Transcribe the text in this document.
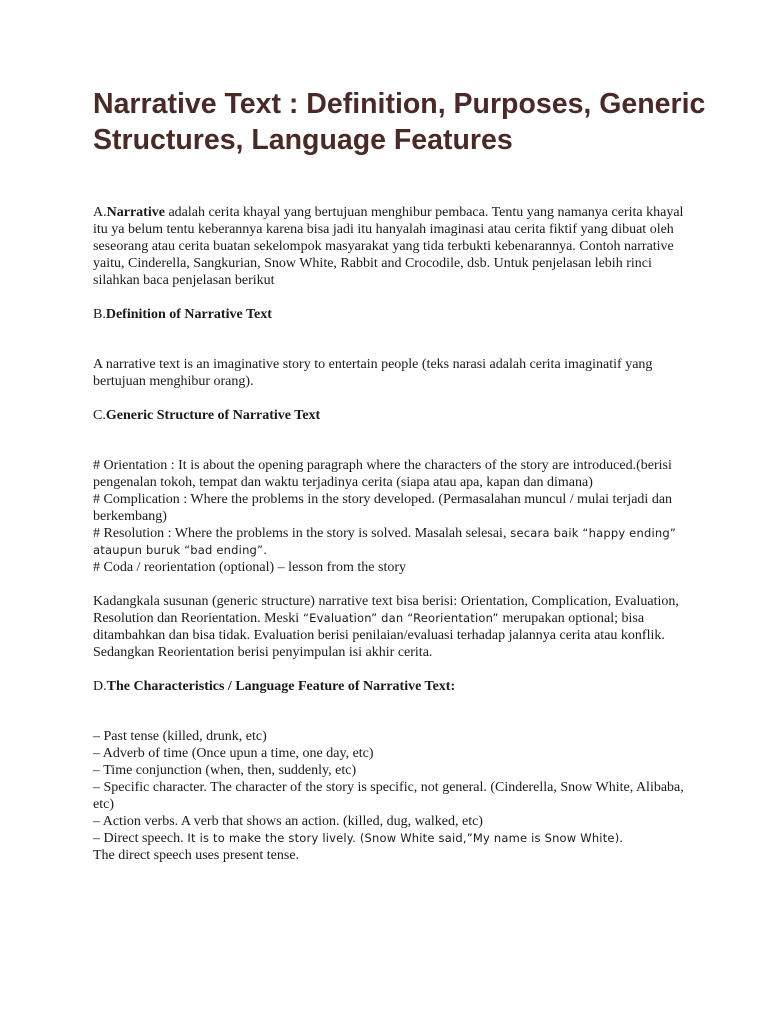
Narrative Text : Definition, Purposes, Generic Structures, Language Features

A.Narrative adalah cerita khayal yang bertujuan menghibur pembaca. Tentu yang namanya cerita khayal itu ya belum tentu keberannya karena bisa jadi itu hanyalah imaginasi atau cerita fiktif yang dibuat oleh seseorang atau cerita buatan sekelompok masyarakat yang tida terbukti kebenarannya. Contoh narrative yaitu, Cinderella, Sangkurian, Snow White, Rabbit and Crocodile, dsb. Untuk penjelasan lebih rinci silahkan baca penjelasan berikut

B.Definition of Narrative Text

A narrative text is an imaginative story to entertain people (teks narasi adalah cerita imaginatif yang bertujuan menghibur orang).

C.Generic Structure of Narrative Text

# Orientation : It is about the opening paragraph where the characters of the story are introduced.(berisi pengenalan tokoh, tempat dan waktu terjadinya cerita (siapa atau apa, kapan dan dimana)

# Complication : Where the problems in the story developed. (Permasalahan muncul / mulai terjadi dan berkembang)

# Resolution : Where the problems in the story is solved. Masalah selesai, secara baik “happy ending” ataupun buruk “bad ending”.

# Coda / reorientation (optional) – lesson from the story

Kadangkala susunan (generic structure) narrative text bisa berisi: Orientation, Complication, Evaluation, Resolution dan Reorientation. Meski “Evaluation” dan “Reorientation” merupakan optional; bisa ditambahkan dan bisa tidak. Evaluation berisi penilaian/evaluasi terhadap jalannya cerita atau konflik. Sedangkan Reorientation berisi penyimpulan isi akhir cerita.

D.The Characteristics / Language Feature of Narrative Text:

– Past tense (killed, drunk, etc)

– Adverb of time (Once upun a time, one day, etc)

– Time conjunction (when, then, suddenly, etc)

– Specific character. The character of the story is specific, not general. (Cinderella, Snow White, Alibaba, etc)

– Action verbs. A verb that shows an action. (killed, dug, walked, etc)

– Direct speech. It is to make the story lively. (Snow White said,”My name is Snow White).

The direct speech uses present tense.
